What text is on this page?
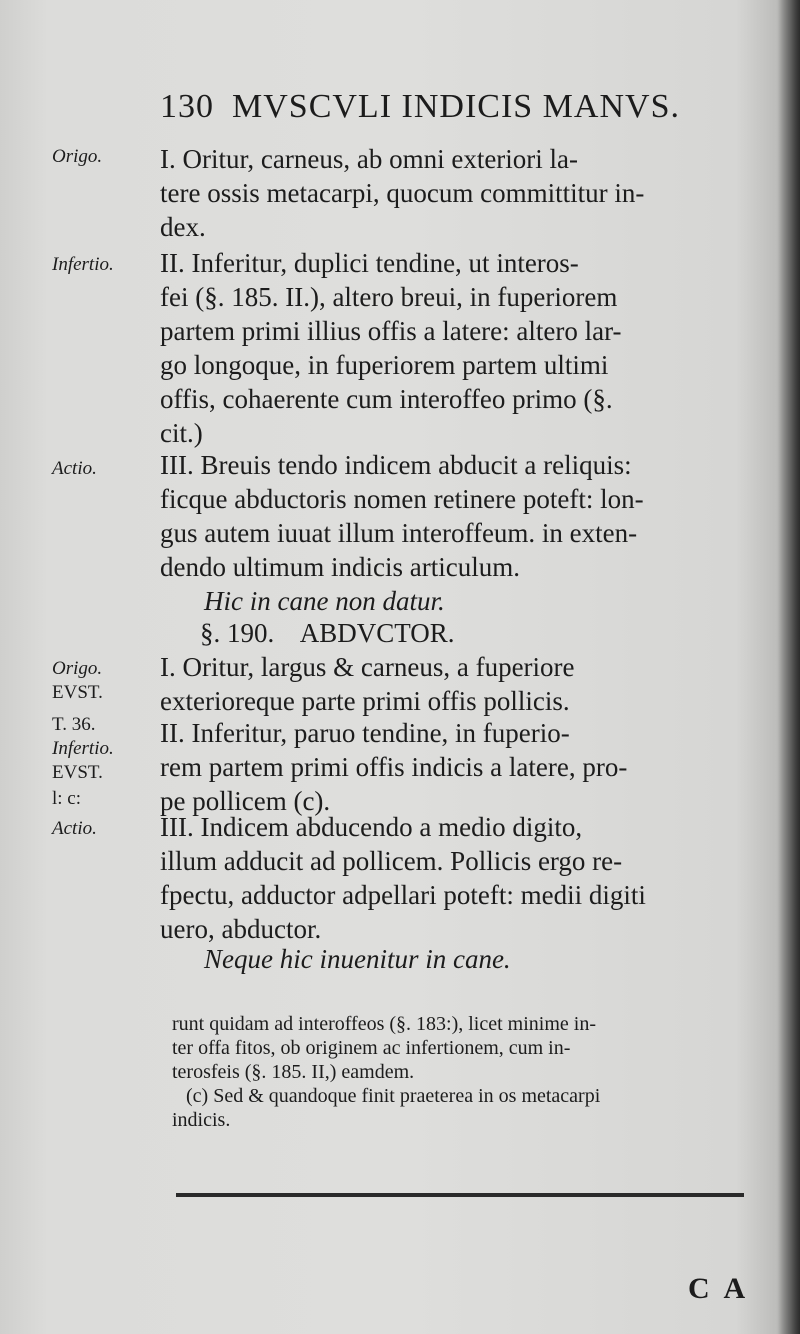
130 MVSCVLI INDICIS MANVS.
Origo.
Infertio.
Actio.
Origo.
EVST.
T. 36.
Infertio.
EVST.
l: c:
Actio.
I. Oritur, carneus, ab omni exteriori la-
tere ossis metacarpi, quocum committitur in-
dex.
II. Inferitur, duplici tendine, ut interos-
fei (§. 185. II.), altero breui, in fuperiorem
partem primi illius offis a latere: altero lar-
go longoque, in fuperiorem partem ultimi
offis, cohaerente cum interoffeo primo (§.
cit.)
III. Breuis tendo indicem abducit a reliquis:
ficque abductoris nomen retinere poteft: lon-
gus autem iuuat illum interoffeum. in exten-
dendo ultimum indicis articulum.
Hic in cane non datur.
§. 190.    ABDVCTOR.
I. Oritur, largus & carneus, a fuperiore
exterioreque parte primi offis pollicis.
II. Inferitur, paruo tendine, in fuperio-
rem partem primi offis indicis a latere, pro-
pe pollicem (c).
III. Indicem abducendo a medio digito,
illum adducit ad pollicem. Pollicis ergo re-
fpectu, adductor adpellari poteft: medii digiti
uero, abductor.
Neque hic inuenitur in cane.
runt quidam ad interoffeos (§. 183:), licet minime in-
ter offa fitos, ob originem ac infertionem, cum in-
terosfeis (§. 185. II,) eamdem.
(c) Sed & quandoque finit praeterea in os metacarpi
indicis.
C A
